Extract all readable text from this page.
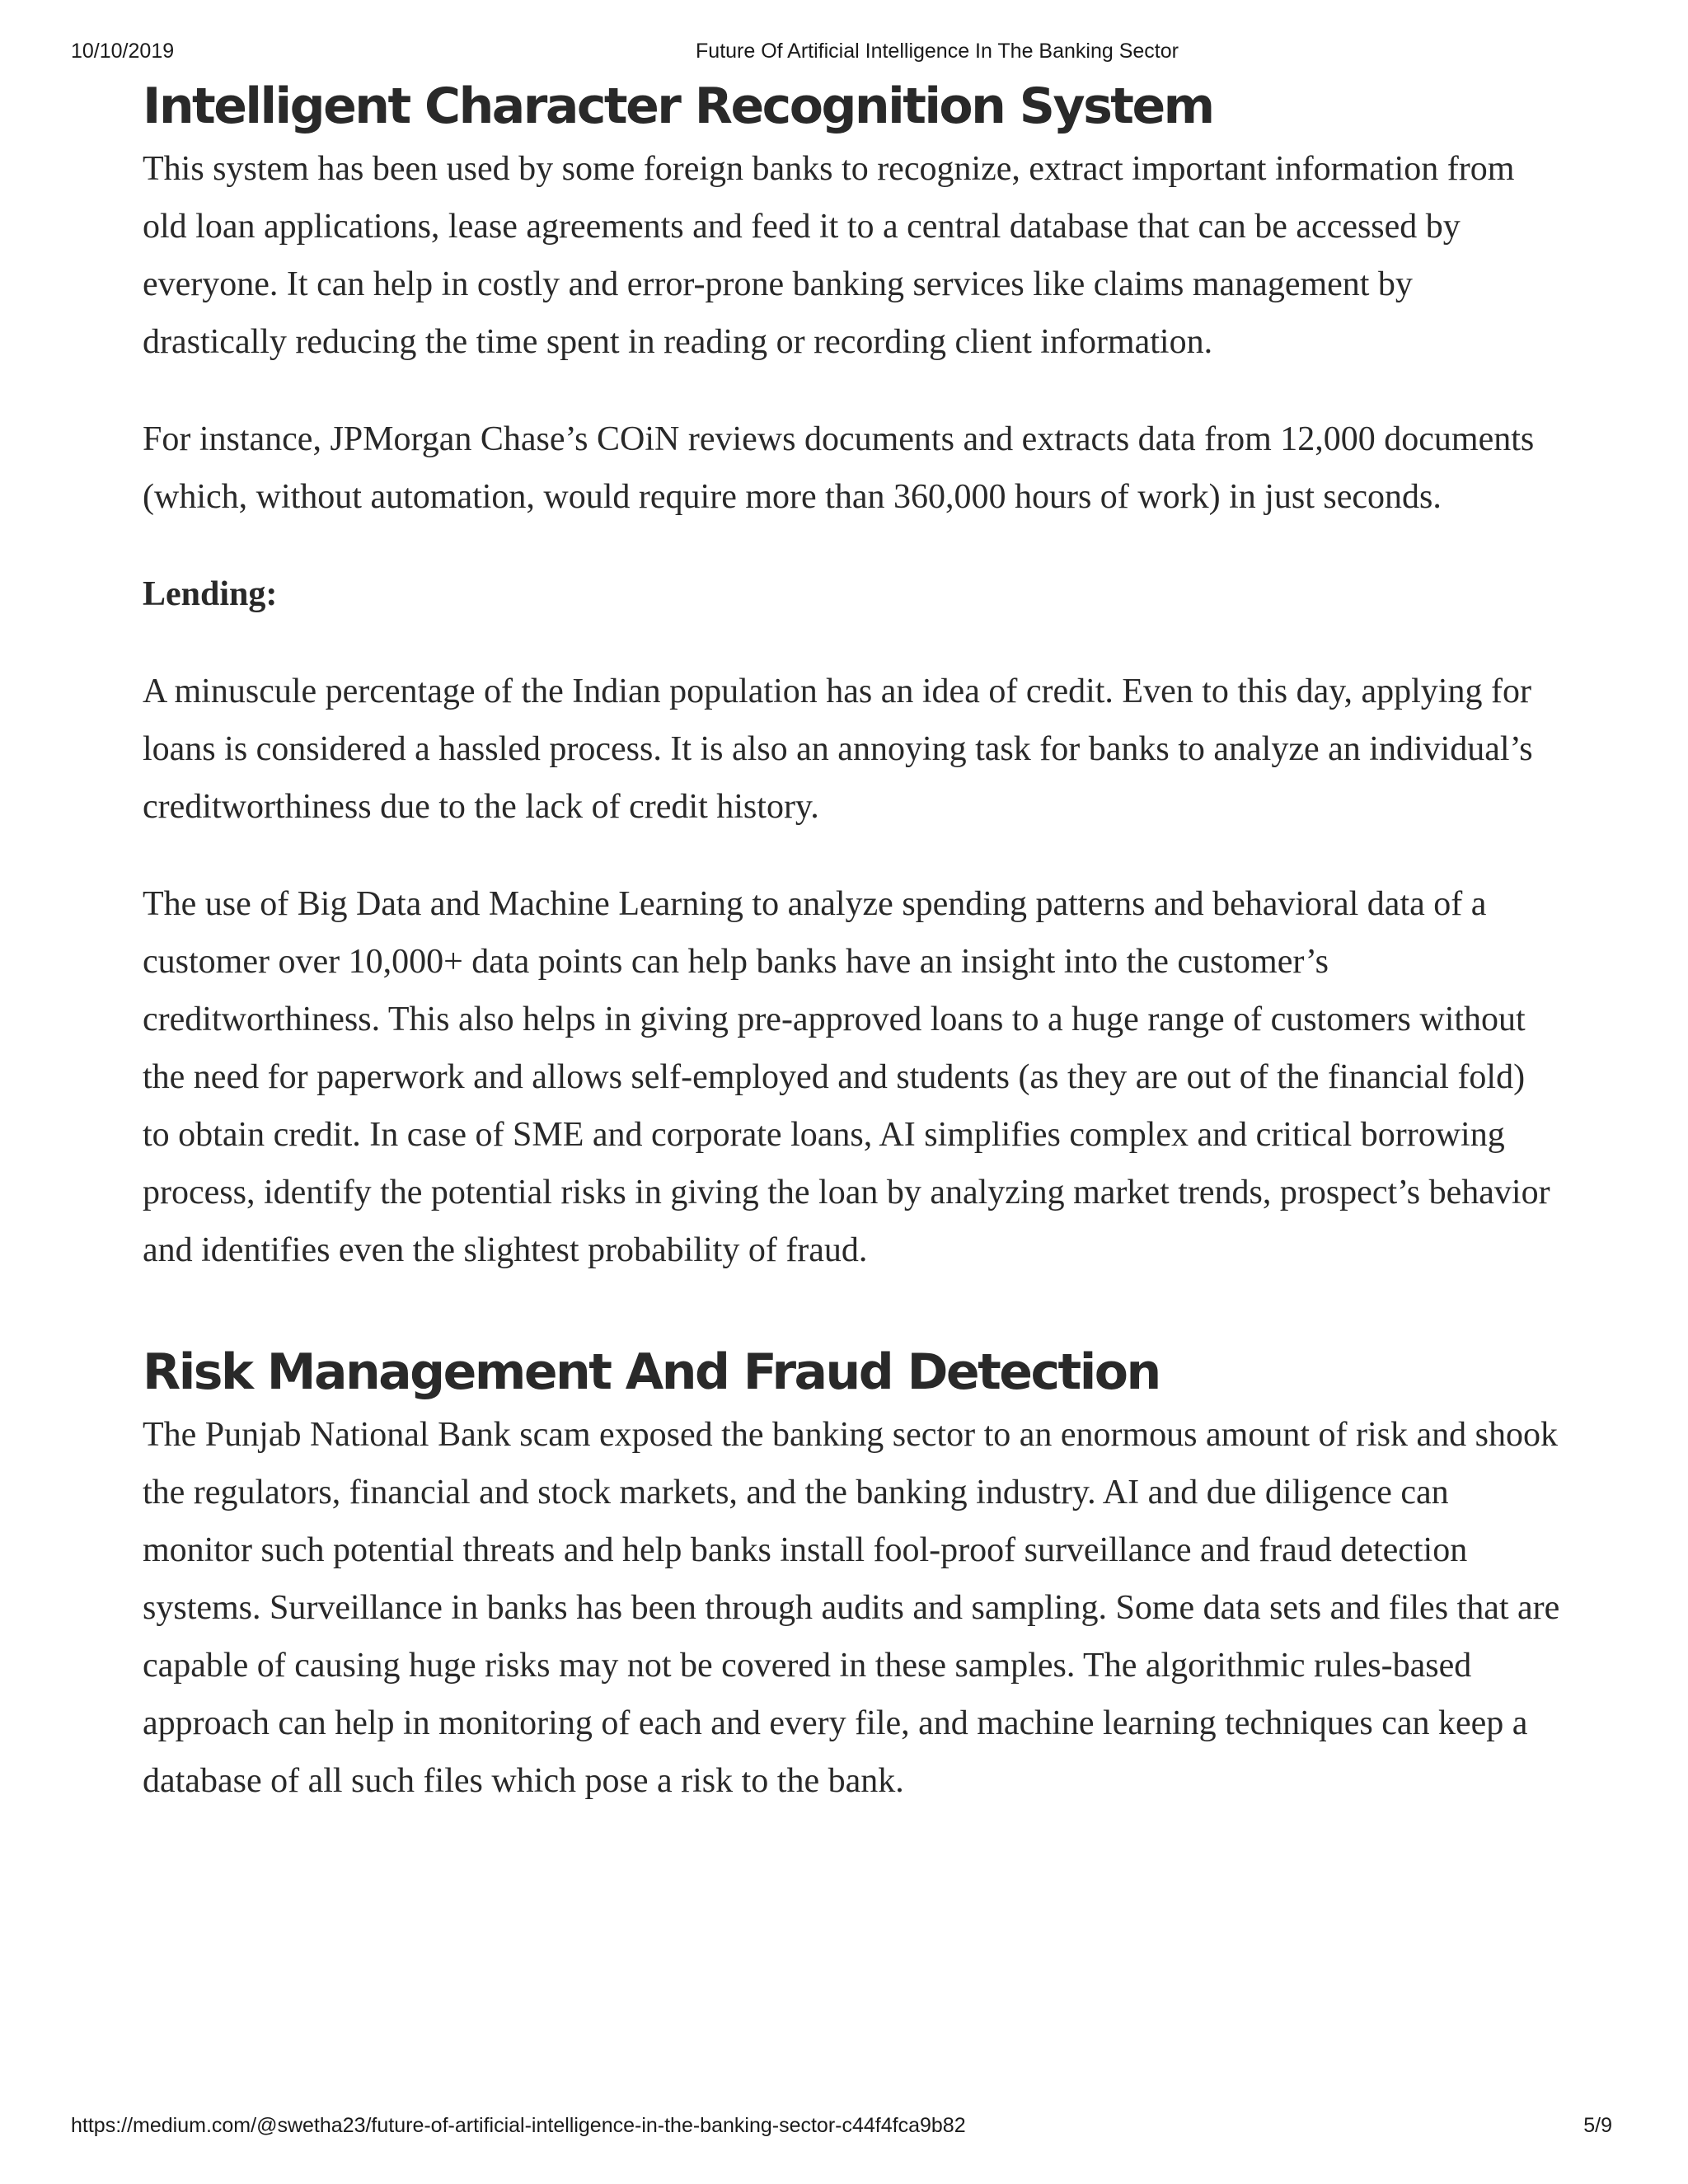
10/10/2019	Future Of Artificial Intelligence In The Banking Sector
Intelligent Character Recognition System

This system has been used by some foreign banks to recognize, extract important information from old loan applications, lease agreements and feed it to a central database that can be accessed by everyone. It can help in costly and error-prone banking services like claims management by drastically reducing the time spent in reading or recording client information.

For instance, JPMorgan Chase’s COiN reviews documents and extracts data from 12,000 documents (which, without automation, would require more than 360,000 hours of work) in just seconds.

Lending:

A minuscule percentage of the Indian population has an idea of credit. Even to this day, applying for loans is considered a hassled process. It is also an annoying task for banks to analyze an individual’s creditworthiness due to the lack of credit history.

The use of Big Data and Machine Learning to analyze spending patterns and behavioral data of a customer over 10,000+ data points can help banks have an insight into the customer’s creditworthiness. This also helps in giving pre-approved loans to a huge range of customers without the need for paperwork and allows self-employed and students (as they are out of the financial fold) to obtain credit. In case of SME and corporate loans, AI simplifies complex and critical borrowing process, identify the potential risks in giving the loan by analyzing market trends, prospect’s behavior and identifies even the slightest probability of fraud.

Risk Management And Fraud Detection

The Punjab National Bank scam exposed the banking sector to an enormous amount of risk and shook the regulators, financial and stock markets, and the banking industry. AI and due diligence can monitor such potential threats and help banks install fool-proof surveillance and fraud detection systems. Surveillance in banks has been through audits and sampling. Some data sets and files that are capable of causing huge risks may not be covered in these samples. The algorithmic rules-based approach can help in monitoring of each and every file, and machine learning techniques can keep a database of all such files which pose a risk to the bank.

https://medium.com/@swetha23/future-of-artificial-intelligence-in-the-banking-sector-c44f4fca9b82	5/9
